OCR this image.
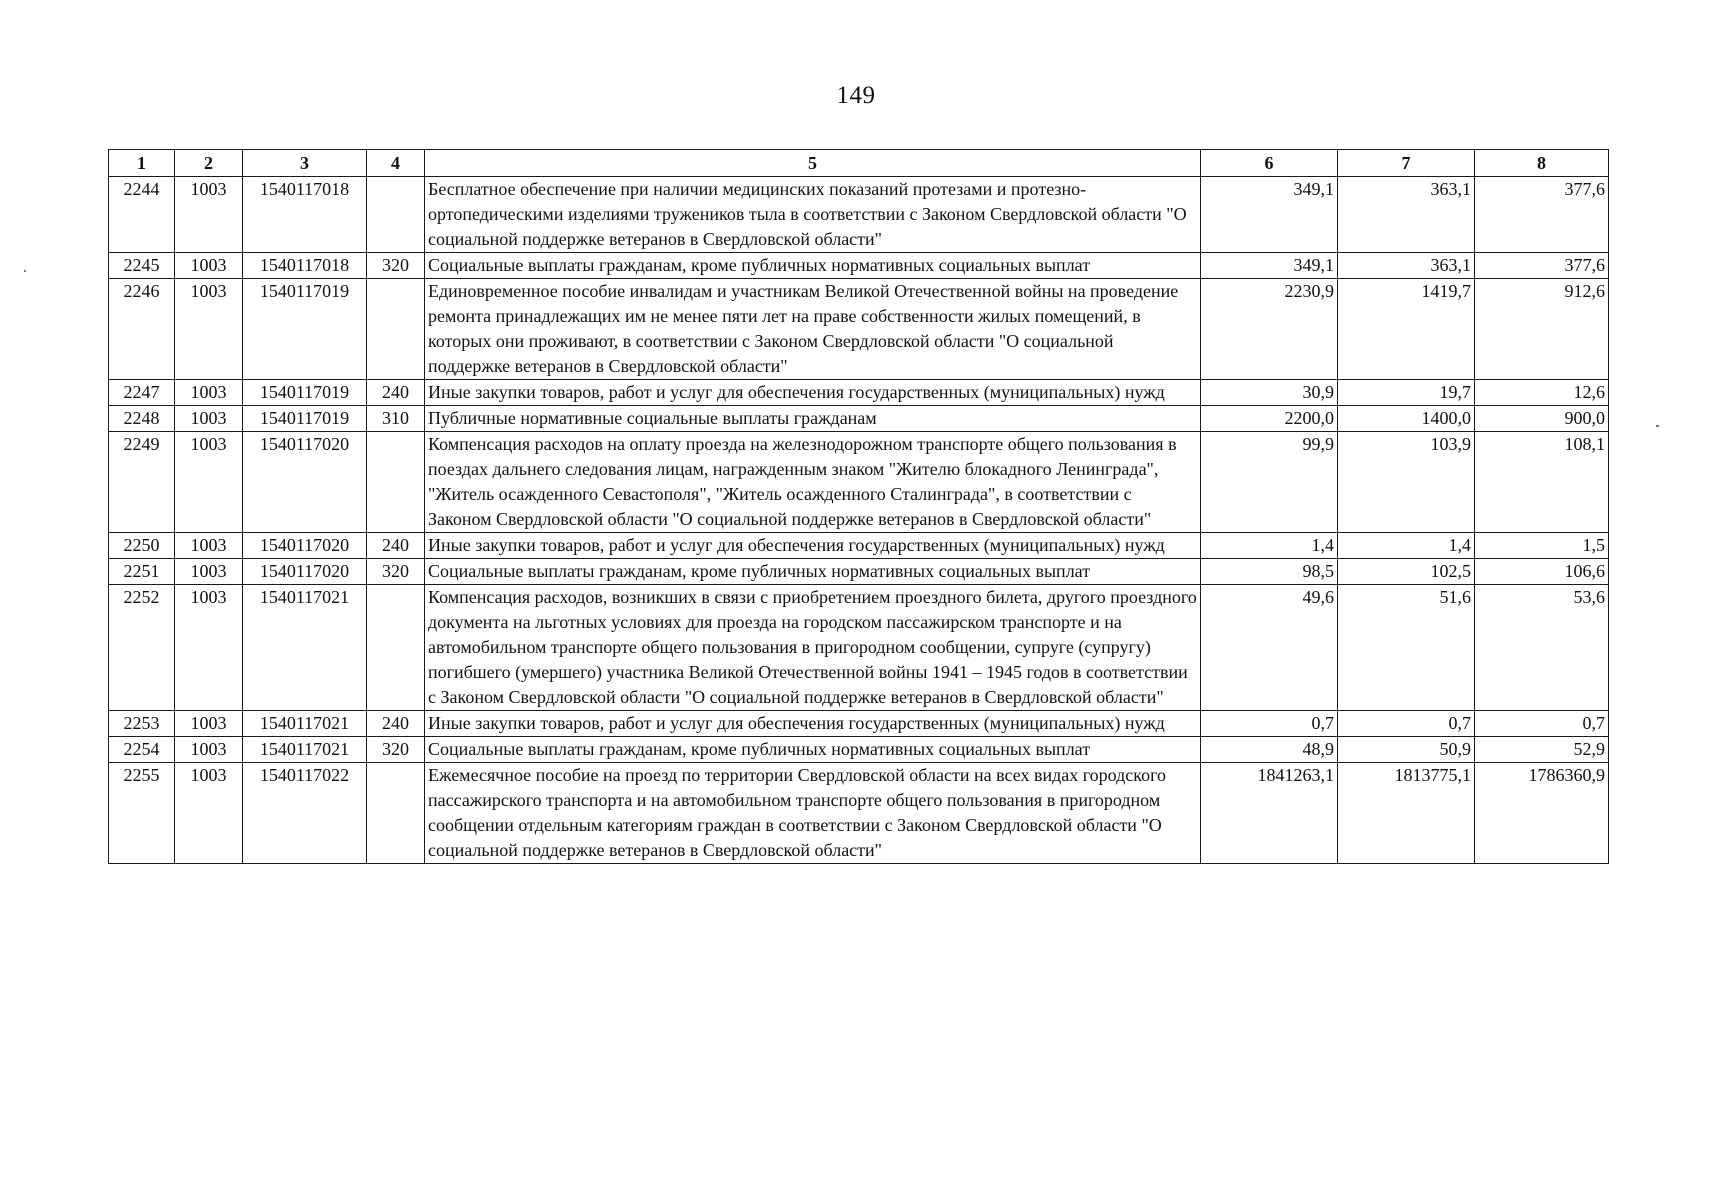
149
1	2	3	4	5	6	7	8
2244	1003	1540117018		Бесплатное обеспечение при наличии медицинских показаний протезами и протезно-ортопедическими изделиями тружеников тыла в соответствии с Законом Свердловской области "О социальной поддержке ветеранов в Свердловской области"	349,1	363,1	377,6
2245	1003	1540117018	320	Социальные выплаты гражданам, кроме публичных нормативных социальных выплат	349,1	363,1	377,6
2246	1003	1540117019		Единовременное пособие инвалидам и участникам Великой Отечественной войны на проведение ремонта принадлежащих им не менее пяти лет на праве собственности жилых помещений, в которых они проживают, в соответствии с Законом Свердловской области "О социальной поддержке ветеранов в Свердловской области"	2230,9	1419,7	912,6
2247	1003	1540117019	240	Иные закупки товаров, работ и услуг для обеспечения государственных (муниципальных) нужд	30,9	19,7	12,6
2248	1003	1540117019	310	Публичные нормативные социальные выплаты гражданам	2200,0	1400,0	900,0
2249	1003	1540117020		Компенсация расходов на оплату проезда на железнодорожном транспорте общего пользования в поездах дальнего следования лицам, награжденным знаком "Жителю блокадного Ленинграда", "Житель осажденного Севастополя", "Житель осажденного Сталинграда", в соответствии с Законом Свердловской области "О социальной поддержке ветеранов в Свердловской области"	99,9	103,9	108,1
2250	1003	1540117020	240	Иные закупки товаров, работ и услуг для обеспечения государственных (муниципальных) нужд	1,4	1,4	1,5
2251	1003	1540117020	320	Социальные выплаты гражданам, кроме публичных нормативных социальных выплат	98,5	102,5	106,6
2252	1003	1540117021		Компенсация расходов, возникших в связи с приобретением проездного билета, другого проездного документа на льготных условиях для проезда на городском пассажирском транспорте и на автомобильном транспорте общего пользования в пригородном сообщении, супруге (супругу) погибшего (умершего) участника Великой Отечественной войны 1941 – 1945 годов в соответствии с Законом Свердловской области "О социальной поддержке ветеранов в Свердловской области"	49,6	51,6	53,6
2253	1003	1540117021	240	Иные закупки товаров, работ и услуг для обеспечения государственных (муниципальных) нужд	0,7	0,7	0,7
2254	1003	1540117021	320	Социальные выплаты гражданам, кроме публичных нормативных социальных выплат	48,9	50,9	52,9
2255	1003	1540117022		Ежемесячное пособие на проезд по территории Свердловской области на всех видах городского пассажирского транспорта и на автомобильном транспорте общего пользования в пригородном сообщении отдельным категориям граждан в соответствии с Законом Свердловской области "О социальной поддержке ветеранов в Свердловской области"	1841263,1	1813775,1	1786360,9
